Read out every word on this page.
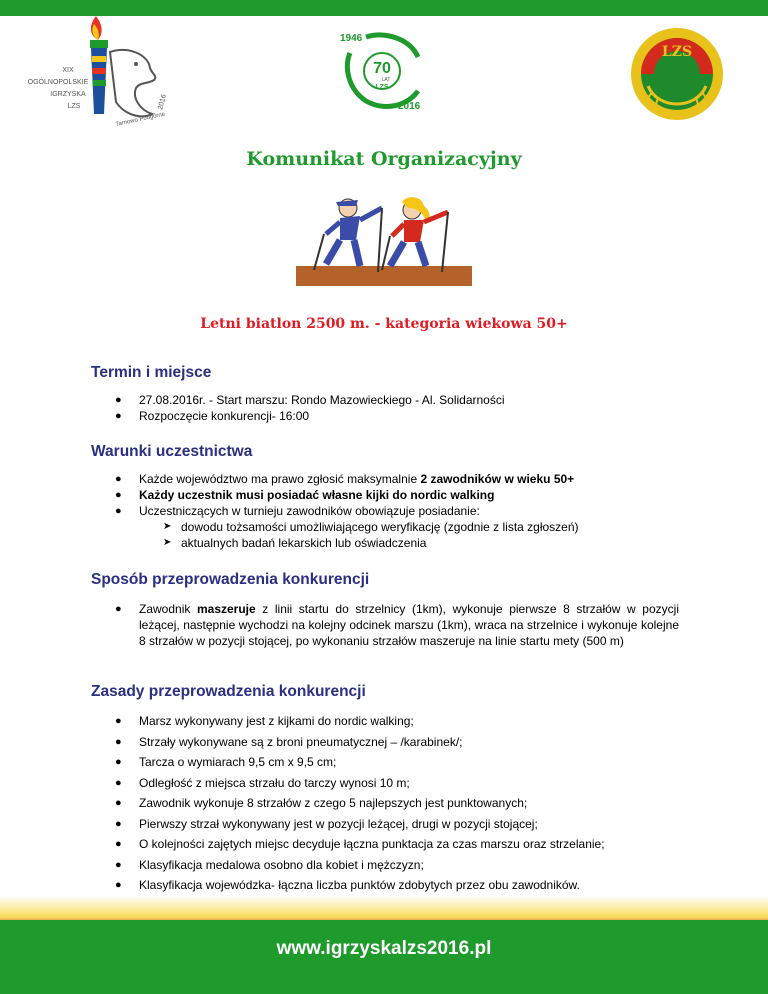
XIX
OGÓLNOPOLSKIE
IGRZYSKA
LZS	2016
Tarnowo Podgórne
1946
70
LAT
LZS
2016
LZS
Komunikat Organizacyjny
Letni biatlon 2500 m. - kategoria wiekowa 50+
Termin i miejsce
● 27.08.2016r. - Start marszu: Rondo Mazowieckiego - Al. Solidarności
● Rozpoczęcie konkurencji- 16:00
Warunki uczestnictwa
● Każde województwo ma prawo zgłosić maksymalnie 2 zawodników w wieku 50+
● Każdy uczestnik musi posiadać własne kijki do nordic walking
● Uczestniczących w turnieju zawodników obowiązuje posiadanie:
➤ dowodu tożsamości umożliwiającego weryfikację (zgodnie z lista zgłoszeń)
➤ aktualnych badań lekarskich lub oświadczenia
Sposób przeprowadzenia konkurencji
● Zawodnik maszeruje z linii startu do strzelnicy (1km), wykonuje pierwsze 8 strzałów w pozycji leżącej, następnie wychodzi na kolejny odcinek marszu (1km), wraca na strzelnice i wykonuje kolejne 8 strzałów w pozycji stojącej, po wykonaniu strzałów maszeruje na linie startu mety (500 m)
Zasady przeprowadzenia konkurencji
● Marsz wykonywany jest z kijkami do nordic walking;
● Strzały wykonywane są z broni pneumatycznej – /karabinek/;
● Tarcza o wymiarach 9,5 cm x 9,5 cm;
● Odległość z miejsca strzału do tarczy wynosi 10 m;
● Zawodnik wykonuje 8 strzałów z czego 5 najlepszych jest punktowanych;
● Pierwszy strzał wykonywany jest w pozycji leżącej, drugi w pozycji stojącej;
● O kolejności zajętych miejsc decyduje łączna punktacja za czas marszu oraz strzelanie;
● Klasyfikacja medalowa osobno dla kobiet i mężczyzn;
● Klasyfikacja wojewódzka- łączna liczba punktów zdobytych przez obu zawodników.
www.igrzyskalzs2016.pl
